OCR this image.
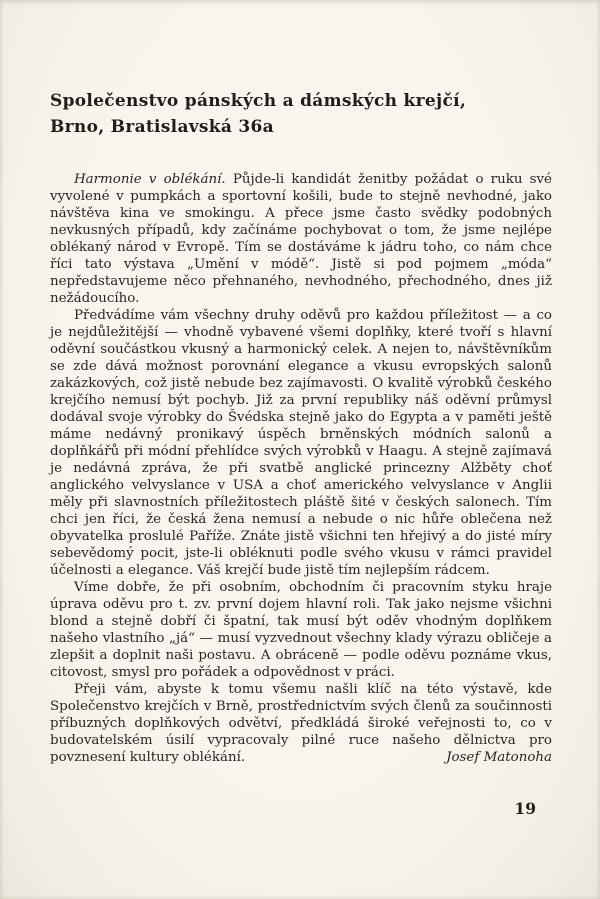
Společenstvo pánských a dámských krejčí,
Brno, Bratislavská 36a

Harmonie v oblékání. Půjde-li kandidát ženitby požádat o ruku své vyvolené v pumpkách a sportovní košili, bude to stejně nevhodné, jako návštěva kina ve smokingu. A přece jsme často svědky podobných nevkusných případů, kdy začínáme pochybovat o tom, že jsme nejlépe oblékaný národ v Evropě. Tím se dostáváme k jádru toho, co nám chce říci tato výstava „Umění v módě“. Jistě si pod pojmem „móda“ nepředstavujeme něco přehnaného, nevhodného, přechodného, dnes již nežádoucího.

Předvádíme vám všechny druhy oděvů pro každou příležitost — a co je nejdůležitější — vhodně vybavené všemi doplňky, které tvoří s hlavní oděvní součástkou vkusný a harmonický celek. A nejen to, návštěvníkům se zde dává možnost porovnání elegance a vkusu evropských salonů zakázkových, což jistě nebude bez zajímavosti. O kvalitě výrobků českého krejčího nemusí být pochyb. Již za první republiky náš oděvní průmysl dodával svoje výrobky do Švédska stejně jako do Egypta a v paměti ještě máme nedávný pronikavý úspěch brněnských módních salonů a doplňkářů při módní přehlídce svých výrobků v Haagu. A stejně zajímavá je nedávná zpráva, že při svatbě anglické princezny Alžběty choť anglického velvyslance v USA a choť amerického velvyslance v Anglii měly při slavnostních příležitostech pláště šité v českých salonech. Tím chci jen říci, že česká žena nemusí a nebude o nic hůře oblečena než obyvatelka proslulé Paříže. Znáte jistě všichni ten hřejivý a do jisté míry sebevědomý pocit, jste-li obléknuti podle svého vkusu v rámci pravidel účelnosti a elegance. Váš krejčí bude jistě tím nejlepším rádcem.

Víme dobře, že při osobním, obchodním či pracovním styku hraje úprava oděvu pro t. zv. první dojem hlavní roli. Tak jako nejsme všichni blond a stejně dobří či špatní, tak musí být oděv vhodným doplňkem našeho vlastního „já“ — musí vyzvednout všechny klady výrazu obličeje a zlepšit a doplnit naši postavu. A obráceně — podle oděvu poznáme vkus, citovost, smysl pro pořádek a odpovědnost v práci.

Přeji vám, abyste k tomu všemu našli klíč na této výstavě, kde Společenstvo krejčích v Brně, prostřednictvím svých členů za součinnosti příbuzných doplňkových odvětví, předkládá široké veřejnosti to, co v budovatelském úsilí vypracovaly pilné ruce našeho dělnictva pro povznesení kultury oblékání.	Josef Matonoha

19
